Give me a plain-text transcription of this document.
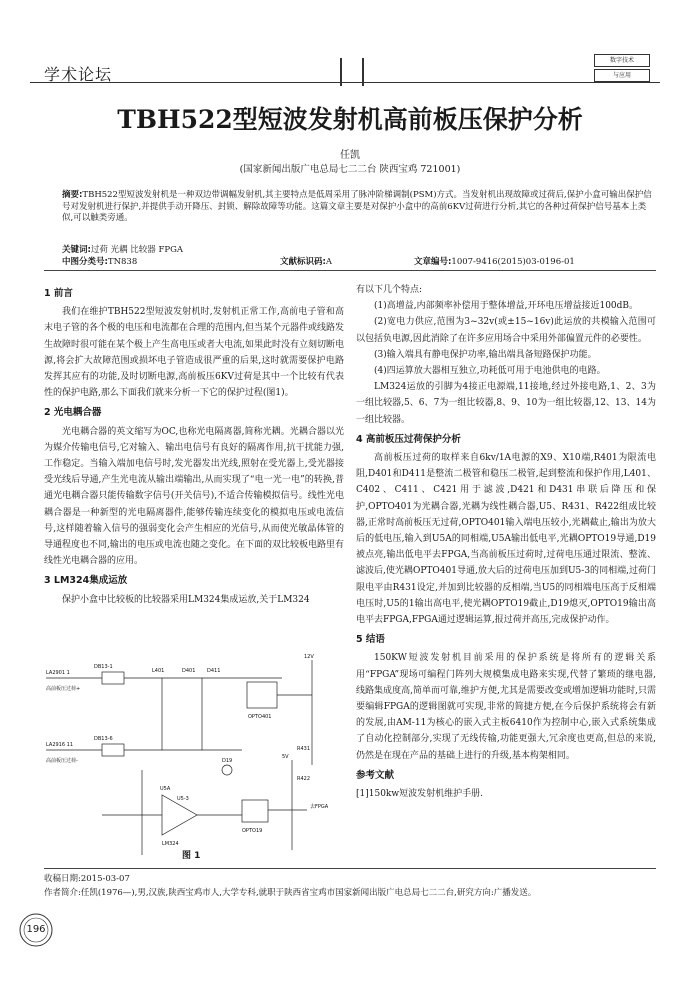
学术论坛
数字技术
与应用
TBH522型短波发射机高前板压保护分析
任凯
(国家新闻出版广电总局七二二台 陕西宝鸡 721001)
摘要:TBH522型短波发射机是一种双边带调幅发射机,其主要特点是低周采用了脉冲阶梯调制(PSM)方式。当发射机出现故障或过荷后,保护小盒可输出保护信号对发射机进行保护,并提供手动开降压、封锁、解除故障等功能。这篇文章主要是对保护小盒中的高前6KV过荷进行分析,其它的各种过荷保护信号基本上类似,可以触类旁通。
关键词:过荷 光耦 比较器 FPGA
中图分类号:TN838	文献标识码:A	文章编号:1007-9416(2015)03-0196-01
1 前言

我们在维护TBH522型短波发射机时,发射机正常工作,高前电子管和高末电子管的各个极的电压和电流都在合理的范围内,但当某个元器件或线路发生故障时很可能在某个极上产生高电压或者大电流,如果此时没有立刻切断电源,将会扩大故障范围或损坏电子管造成很严重的后果,这时就需要保护电路发挥其应有的功能,及时切断电源,高前板压6KV过荷是其中一个比较有代表性的保护电路,那么下面我们就来分析一下它的保护过程(图1)。

2 光电耦合器

光电耦合器的英文缩写为OC,也称光电隔离器,简称光耦。光耦合器以光为媒介传输电信号,它对输入、输出电信号有良好的隔离作用,抗干扰能力强,工作稳定。当输入端加电信号时,发光器发出光线,照射在受光器上,受光器接受光线后导通,产生光电流从输出端输出,从而实现了“电一光一电”的转换,普通光电耦合器只能传输数字信号(开关信号),不适合传输模拟信号。线性光电耦合器是一种新型的光电隔离器件,能够传输连续变化的模拟电压或电流信号,这样随着输入信号的强弱变化会产生相应的光信号,从而使光敏晶体管的导通程度也不同,输出的电压或电流也随之变化。在下面的双比较板电路里有线性光电耦合器的应用。

3 LM324集成运放

保护小盒中比较板的比较器采用LM324集成运放,关于LM324

LA2901 1
高前板压过荷+
LA2916 11
高前板压过荷-
DB13-1
DB13-6
L401	D401 D411
OPTO401
R431
R422
U5A
LM324
OPTO19
D19
12V
5V
去FPGA
U5-3
图 1

有以下几个特点:

(1)高增益,内部频率补偿用于整体增益,开环电压增益接近100dB。

(2)宽电力供应,范围为3~32v(或±15~16v)此运放的共模输入范围可以包括负电源,因此消除了在许多应用场合中采用外部偏置元件的必要性。

(3)输入端具有静电保护功率,输出端具备短路保护功能。

(4)四运算放大器相互独立,功耗低可用于电池供电的电路。

LM324运放的引脚为4接正电源端,11接地,经过外接电路,1、2、3为一组比较器,5、6、7为一组比较器,8、9、10为一组比较器,12、13、14为一组比较器。

4 高前板压过荷保护分析

高前板压过荷的取样来自6kv/1A电源的X9、X10端,R401为限流电阻,D401和D411是整流二极管和稳压二极管,起到整流和保护作用,L401、C402、C411、C421用于滤波,D421和D431串联后降压和保护,OPTO401为光耦合器,光耦为线性耦合器,U5、R431、R422组成比较器,正常时高前板压无过荷,OPTO401输入端电压较小,光耦截止,输出为放大后的低电压,输入到U5A的同相端,U5A输出低电平,光耦OPTO19导通,D19被点亮,输出低电平去FPGA,当高前板压过荷时,过荷电压通过限流、整流、滤波后,使光耦OPTO401导通,放大后的过荷电压加到U5-3的同相端,过荷门限电平由R431设定,并加到比较器的反相端,当U5的同相端电压高于反相端电压时,U5的1输出高电平,使光耦OPTO19截止,D19熄灭,OPTO19输出高电平去FPGA,FPGA通过逻辑运算,报过荷并高压,完成保护动作。

5 结语

150KW短波发射机目前采用的保护系统是将所有的逻辑关系用“FPGA”现场可编程门阵列大规模集成电路来实现,代替了繁琐的继电器,线路集成度高,简单而可靠,维护方便,尤其是需要改变或增加逻辑功能时,只需要编辑FPGA的逻辑图就可实现,非常的简捷方便,在今后保护系统将会有新的发展,由AM-11为核心的嵌入式主板6410作为控制中心,嵌入式系统集成了自动化控制部分,实现了无线传输,功能更强大,冗余度也更高,但总的来说,仍然是在现在产品的基础上进行的升级,基本构架相同。

参考文献

[1]150kw短波发射机维护手册.

收稿日期:2015-03-07
作者简介:任凯(1976—),男,汉族,陕西宝鸡市人,大学专科,就职于陕西省宝鸡市国家新闻出版广电总局七二二台,研究方向:广播发送。
196
